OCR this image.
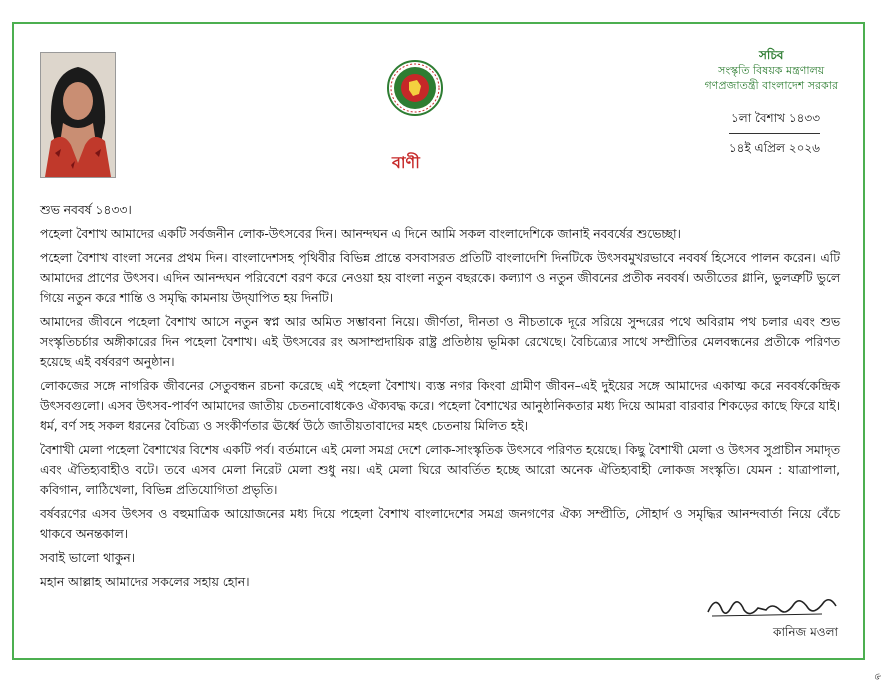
বাণী
সচিব
সংস্কৃতি বিষয়ক মন্ত্রণালয়
গণপ্রজাতন্ত্রী বাংলাদেশ সরকার
১লা বৈশাখ ১৪৩৩
১৪ই এপ্রিল ২০২৬

শুভ নববর্ষ ১৪৩৩।

পহেলা বৈশাখ আমাদের একটি সর্বজনীন লোক-উৎসবের দিন। আনন্দঘন এ দিনে আমি সকল বাংলাদেশিকে জানাই নববর্ষের শুভেচ্ছা।

পহেলা বৈশাখ বাংলা সনের প্রথম দিন। বাংলাদেশসহ পৃথিবীর বিভিন্ন প্রান্তে বসবাসরত প্রতিটি বাংলাদেশি দিনটিকে উৎসবমুখরভাবে নববর্ষ হিসেবে পালন করেন। এটি আমাদের প্রাণের উৎসব। এদিন আনন্দঘন পরিবেশে বরণ করে নেওয়া হয় বাংলা নতুন বছরকে। কল্যাণ ও নতুন জীবনের প্রতীক নববর্ষ। অতীতের গ্লানি, ভুলত্রুটি ভুলে গিয়ে নতুন করে শান্তি ও সমৃদ্ধি কামনায় উদ্‌যাপিত হয় দিনটি।

আমাদের জীবনে পহেলা বৈশাখ আসে নতুন স্বপ্ন আর অমিত সম্ভাবনা নিয়ে। জীর্ণতা, দীনতা ও নীচতাকে দূরে সরিয়ে সুন্দরের পথে অবিরাম পথ চলার এবং শুভ সংস্কৃতিচর্চার অঙ্গীকারের দিন পহেলা বৈশাখ। এই উৎসবের রং অসাম্প্রদায়িক রাষ্ট্র প্রতিষ্ঠায় ভূমিকা রেখেছে। বৈচিত্র্যের সাথে সম্প্রীতির মেলবন্ধনের প্রতীকে পরিণত হয়েছে এই বর্ষবরণ অনুষ্ঠান।

লোকজের সঙ্গে নাগরিক জীবনের সেতুবন্ধন রচনা করেছে এই পহেলা বৈশাখ। ব্যস্ত নগর কিংবা গ্রামীণ জীবন–এই দুইয়ের সঙ্গে আমাদের একাত্ম করে নববর্ষকেন্দ্রিক উৎসবগুলো। এসব উৎসব-পার্বণ আমাদের জাতীয় চেতনাবোধকেও ঐক্যবদ্ধ করে। পহেলা বৈশাখের আনুষ্ঠানিকতার মধ্য দিয়ে আমরা বারবার শিকড়ের কাছে ফিরে যাই। ধর্ম, বর্ণ সহ সকল ধরনের বৈচিত্র্য ও সংকীর্ণতার ঊর্ধ্বে উঠে জাতীয়তাবাদের মহৎ চেতনায় মিলিত হই।

বৈশাখী মেলা পহেলা বৈশাখের বিশেষ একটি পর্ব। বর্তমানে এই মেলা সমগ্র দেশে লোক-সাংস্কৃতিক উৎসবে পরিণত হয়েছে। কিছু বৈশাখী মেলা ও উৎসব সুপ্রাচীন সমাদৃত এবং ঐতিহ্যবাহীও বটে। তবে এসব মেলা নিরেট মেলা শুধু নয়। এই মেলা ঘিরে আবর্তিত হচ্ছে আরো অনেক ঐতিহ্যবাহী লোকজ সংস্কৃতি। যেমন : যাত্রাপালা, কবিগান, লাঠিখেলা, বিভিন্ন প্রতিযোগিতা প্রভৃতি।

বর্ষবরণের এসব উৎসব ও বহুমাত্রিক আয়োজনের মধ্য দিয়ে পহেলা বৈশাখ বাংলাদেশের সমগ্র জনগণের ঐক্য সম্প্রীতি, সৌহার্দ ও সমৃদ্ধির আনন্দবার্তা নিয়ে বেঁচে থাকবে অনন্তকাল।

সবাই ভালো থাকুন।

মহান আল্লাহ আমাদের সকলের সহায় হোন।

কানিজ মওলা
৬
